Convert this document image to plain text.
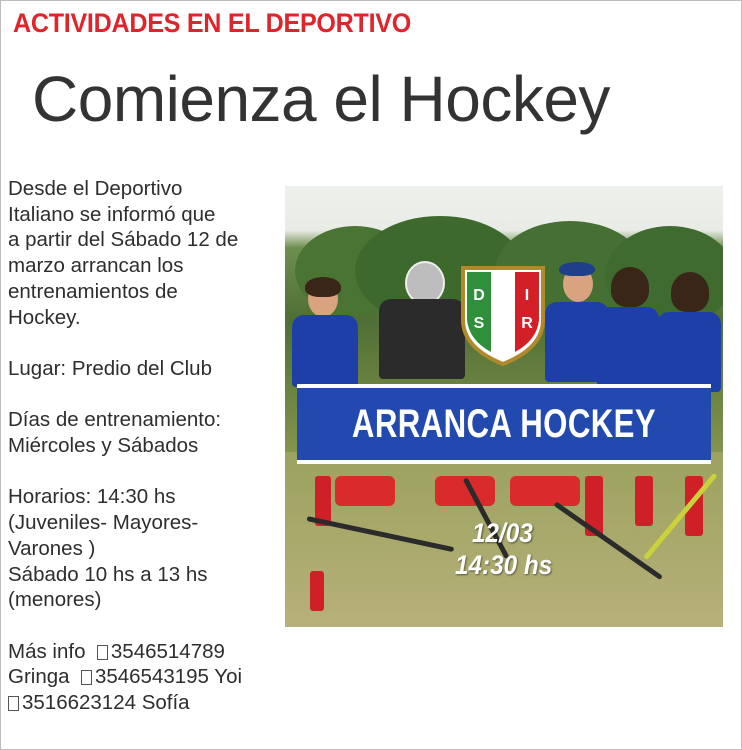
ACTIVIDADES EN EL DEPORTIVO
Comienza el Hockey

Desde el Deportivo

Italiano se informó que

a partir del Sábado 12 de

marzo arrancan los

entrenamientos de

Hockey.

Lugar: Predio del Club

Días de entrenamiento:

Miércoles y Sábados

Horarios: 14:30 hs

(Juveniles- Mayores-

Varones )

Sábado 10 hs a 13 hs

(menores)

Más info 3546514789

Gringa 3546543195 Yoi

3516623124 Sofía

D
S
I
R
ARRANCA HOCKEY
12/03
14:30 hs
